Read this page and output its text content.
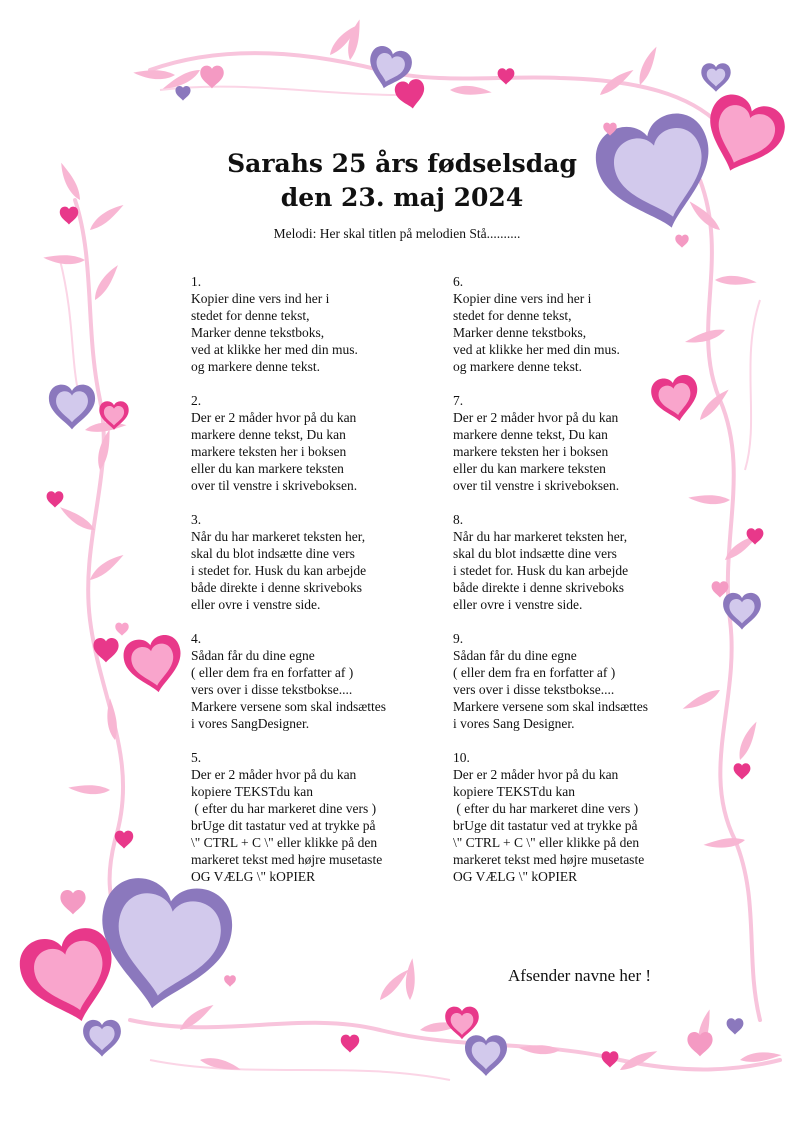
Sarahs 25 års fødselsdag
den 23. maj 2024
Melodi: Her skal titlen på melodien Stå..........
1.
Kopier dine vers ind her i
stedet for denne tekst,
Marker denne tekstboks,
ved at klikke her med din mus.
og markere denne tekst.
2.
Der er 2 måder hvor på du kan
markere denne tekst, Du kan
markere teksten her i boksen
eller du kan markere teksten
over til venstre i skriveboksen.
3.
Når du har markeret teksten her,
skal du blot indsætte dine vers
i stedet for. Husk du kan arbejde
både direkte i denne skriveboks
eller ovre i venstre side.
4.
Sådan får du dine egne
( eller dem fra en forfatter af )
vers over i disse tekstbokse....
Markere versene som skal indsættes
i vores SangDesigner.
5.
Der er 2 måder hvor på du kan
kopiere TEKSTdu kan
( efter du har markeret dine vers )
brUge dit tastatur ved at trykke på
\" CTRL + C \" eller klikke på den
markeret tekst med højre musetaste
OG VÆLG \" kOPIER
6.
Kopier dine vers ind her i
stedet for denne tekst,
Marker denne tekstboks,
ved at klikke her med din mus.
og markere denne tekst.
7.
Der er 2 måder hvor på du kan
markere denne tekst, Du kan
markere teksten her i boksen
eller du kan markere teksten
over til venstre i skriveboksen.
8.
Når du har markeret teksten her,
skal du blot indsætte dine vers
i stedet for. Husk du kan arbejde
både direkte i denne skriveboks
eller ovre i venstre side.
9.
Sådan får du dine egne
( eller dem fra en forfatter af )
vers over i disse tekstbokse....
Markere versene som skal indsættes
i vores Sang Designer.
10.
Der er 2 måder hvor på du kan
kopiere TEKSTdu kan
( efter du har markeret dine vers )
brUge dit tastatur ved at trykke på
\" CTRL + C \" eller klikke på den
markeret tekst med højre musetaste
OG VÆLG \" kOPIER
Afsender navne her !
